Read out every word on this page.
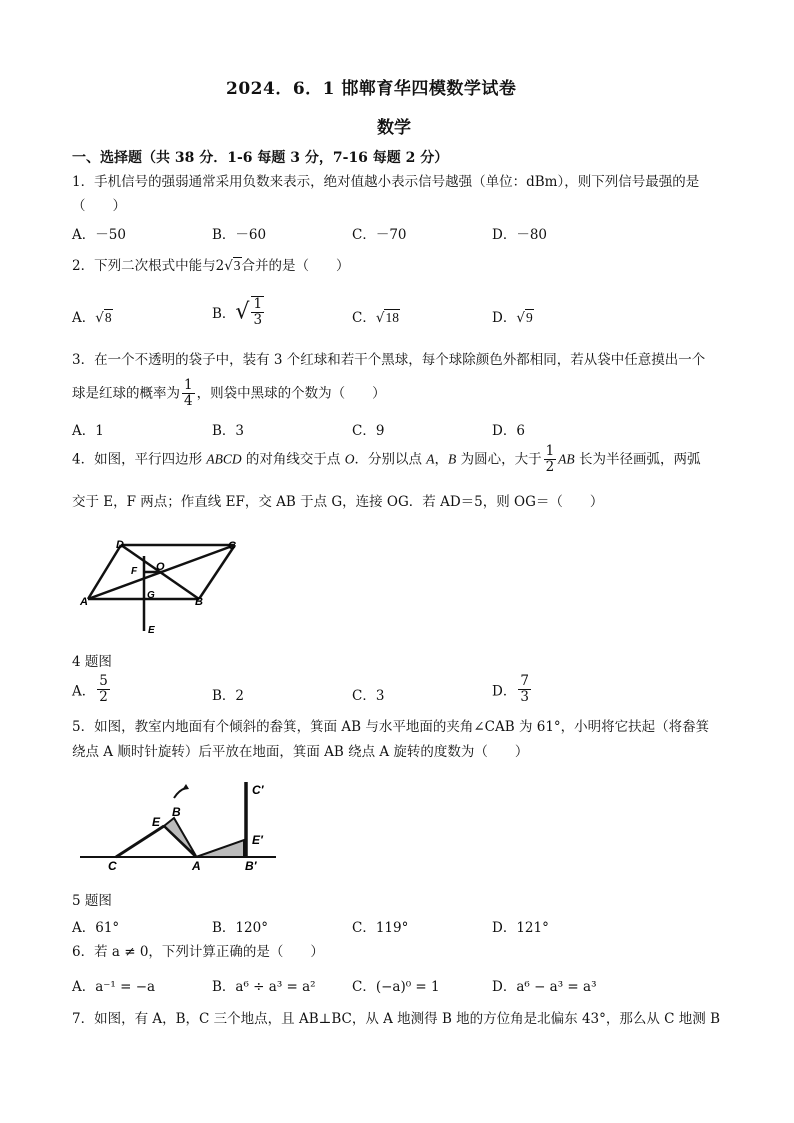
2024．6．1 邯郸育华四模数学试卷
数学
一、选择题（共 38 分．1-6 每题 3 分，7-16 每题 2 分）
1．手机信号的强弱通常采用负数来表示，绝对值越小表示信号越强（单位：dBm），则下列信号最强的是
（　　）
A．－50	B．－60	C．－70	D．－80
2．下列二次根式中能与2√3合并的是（　　）
A．√8	B．√ $\frac{1}{3}$	C．√18	D．√9
3．在一个不透明的袋子中，装有 3 个红球和若干个黑球，每个球除颜色外都相同，若从袋中任意摸出一个
球是红球的概率为 $\frac{1}{4}$ ，则袋中黑球的个数为（　　）
A．1	B．3	C．9	D．6
4．如图，平行四边形 ABCD 的对角线交于点 O．分别以点 A，B 为圆心，大于 $\frac{1}{2}$ AB 长为半径画弧，两弧
交于 E，F 两点；作直线 EF，交 AB 于点 G，连接 OG．若 AD＝5，则 OG＝（　　）
D	C
A	B
O
F
G
E
4 题图
A． $\frac{5}{2}$	B．2	C．3	D． $\frac{7}{3}$
5．如图，教室内地面有个倾斜的畚箕，箕面 AB 与水平地面的夹角∠CAB 为 61°，小明将它扶起（将畚箕
绕点 A 顺时针旋转）后平放在地面，箕面 AB 绕点 A 旋转的度数为（　　）
C
E
B
A
C′
E′
B′
5 题图
A．61°	B．120°	C．119°	D．121°
6．若 a ≠ 0，下列计算正确的是（　　）
A．a⁻¹ = −a	B．a⁶ ÷ a³ = a²	C．(−a)⁰ = 1	D．a⁶ − a³ = a³
7．如图，有 A，B，C 三个地点，且 AB⊥BC，从 A 地测得 B 地的方位角是北偏东 43°，那么从 C 地测 B
